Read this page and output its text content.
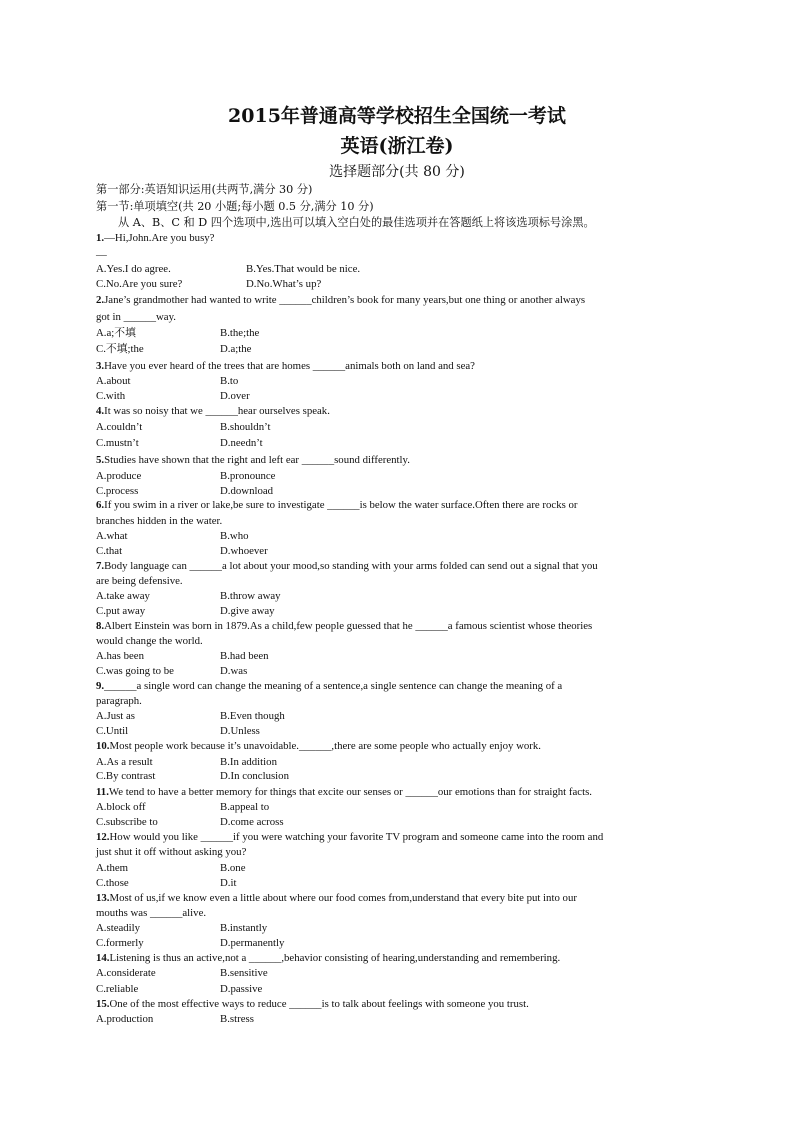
2015年普通高等学校招生全国统一考试
英语(浙江卷)
选择题部分(共 80 分)
第一部分:英语知识运用(共两节,满分 30 分)
第一节:单项填空(共 20 小题;每小题 0.5 分,满分 10 分)
从 A、B、C 和 D 四个选项中,选出可以填入空白处的最佳选项并在答题纸上将该选项标号涂黑。
1.—Hi,John.Are you busy?
—
A.Yes.I do agree.	B.Yes.That would be nice.
C.No.Are you sure?	D.No.What’s up?
2.Jane’s grandmother had wanted to write ______children’s book for many years,but one thing or another always
got in ______way.
A.a;不填	B.the;the
C.不填;the	D.a;the
3.Have you ever heard of the trees that are homes ______animals both on land and sea?
A.about	B.to
C.with	D.over
4.It was so noisy that we ______hear ourselves speak.
A.couldn’t	B.shouldn’t
C.mustn’t	D.needn’t
5.Studies have shown that the right and left ear ______sound differently.
A.produce	B.pronounce
C.process	D.download
6.If you swim in a river or lake,be sure to investigate ______is below the water surface.Often there are rocks or
branches hidden in the water.
A.what	B.who
C.that	D.whoever
7.Body language can ______a lot about your mood,so standing with your arms folded can send out a signal that you
are being defensive.
A.take away	B.throw away
C.put away	D.give away
8.Albert Einstein was born in 1879.As a child,few people guessed that he ______a famous scientist whose theories
would change the world.
A.has been	B.had been
C.was going to be	D.was
9.______a single word can change the meaning of a sentence,a single sentence can change the meaning of a
paragraph.
A.Just as	B.Even though
C.Until	D.Unless
10.Most people work because it’s unavoidable.______,there are some people who actually enjoy work.
A.As a result	B.In addition
C.By contrast	D.In conclusion
11.We tend to have a better memory for things that excite our senses or ______our emotions than for straight facts.
A.block off	B.appeal to
C.subscribe to	D.come across
12.How would you like ______if you were watching your favorite TV program and someone came into the room and
just shut it off without asking you?
A.them	B.one
C.those	D.it
13.Most of us,if we know even a little about where our food comes from,understand that every bite put into our
mouths was ______alive.
A.steadily	B.instantly
C.formerly	D.permanently
14.Listening is thus an active,not a ______,behavior consisting of hearing,understanding and remembering.
A.considerate	B.sensitive
C.reliable	D.passive
15.One of the most effective ways to reduce ______is to talk about feelings with someone you trust.
A.production	B.stress
